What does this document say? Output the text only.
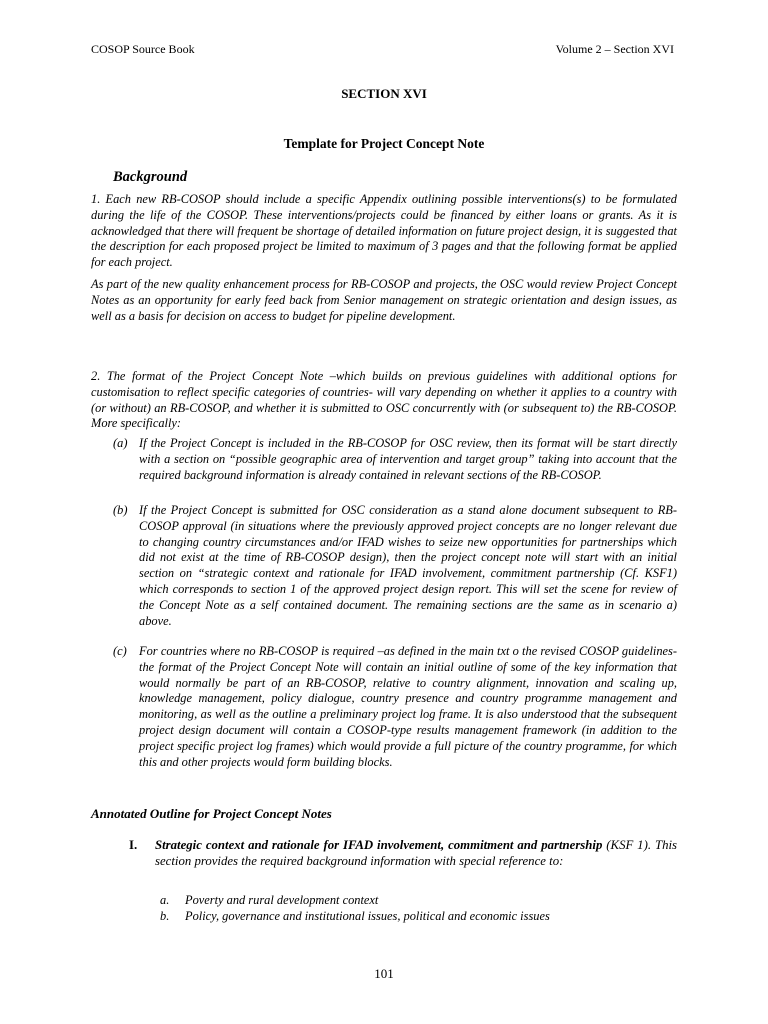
COSOP Source Book	Volume 2 – Section XVI
SECTION XVI
Template for Project Concept Note
Background
1. Each new RB-COSOP should include a specific Appendix outlining possible interventions(s) to be formulated during the life of the COSOP. These interventions/projects could be financed by either loans or grants. As it is acknowledged that there will frequent be shortage of detailed information on future project design, it is suggested that the description for each proposed project be limited to maximum of 3 pages and that the following format be applied for each project.
As part of the new quality enhancement process for RB-COSOP and projects, the OSC would review Project Concept Notes as an opportunity for early feed back from Senior management on strategic orientation and design issues, as well as a basis for decision on access to budget for pipeline development.
2. The format of the Project Concept Note –which builds on previous guidelines with additional options for customisation to reflect specific categories of countries- will vary depending on whether it applies to a country with (or without) an RB-COSOP, and whether it is submitted to OSC concurrently with (or subsequent to) the RB-COSOP. More specifically:
(a) If the Project Concept is included in the RB-COSOP for OSC review, then its format will be start directly with a section on “possible geographic area of intervention and target group” taking into account that the required background information is already contained in relevant sections of the RB-COSOP.
(b) If the Project Concept is submitted for OSC consideration as a stand alone document subsequent to RB-COSOP approval (in situations where the previously approved project concepts are no longer relevant due to changing country circumstances and/or IFAD wishes to seize new opportunities for partnerships which did not exist at the time of RB-COSOP design), then the project concept note will start with an initial section on “strategic context and rationale for IFAD involvement, commitment partnership (Cf. KSF1) which corresponds to section 1 of the approved project design report. This will set the scene for review of the Concept Note as a self contained document. The remaining sections are the same as in scenario a) above.
(c) For countries where no RB-COSOP is required –as defined in the main txt o the revised COSOP guidelines- the format of the Project Concept Note will contain an initial outline of some of the key information that would normally be part of an RB-COSOP, relative to country alignment, innovation and scaling up, knowledge management, policy dialogue, country presence and country programme management and monitoring, as well as the outline a preliminary project log frame. It is also understood that the subsequent project design document will contain a COSOP-type results management framework (in addition to the project specific project log frames) which would provide a full picture of the country programme, for which this and other projects would form building blocks.
Annotated Outline for Project Concept Notes
I.	Strategic context and rationale for IFAD involvement, commitment and partnership (KSF 1). This section provides the required background information with special reference to:
a.	Poverty and rural development context
b.	Policy, governance and institutional issues, political and economic issues
101
